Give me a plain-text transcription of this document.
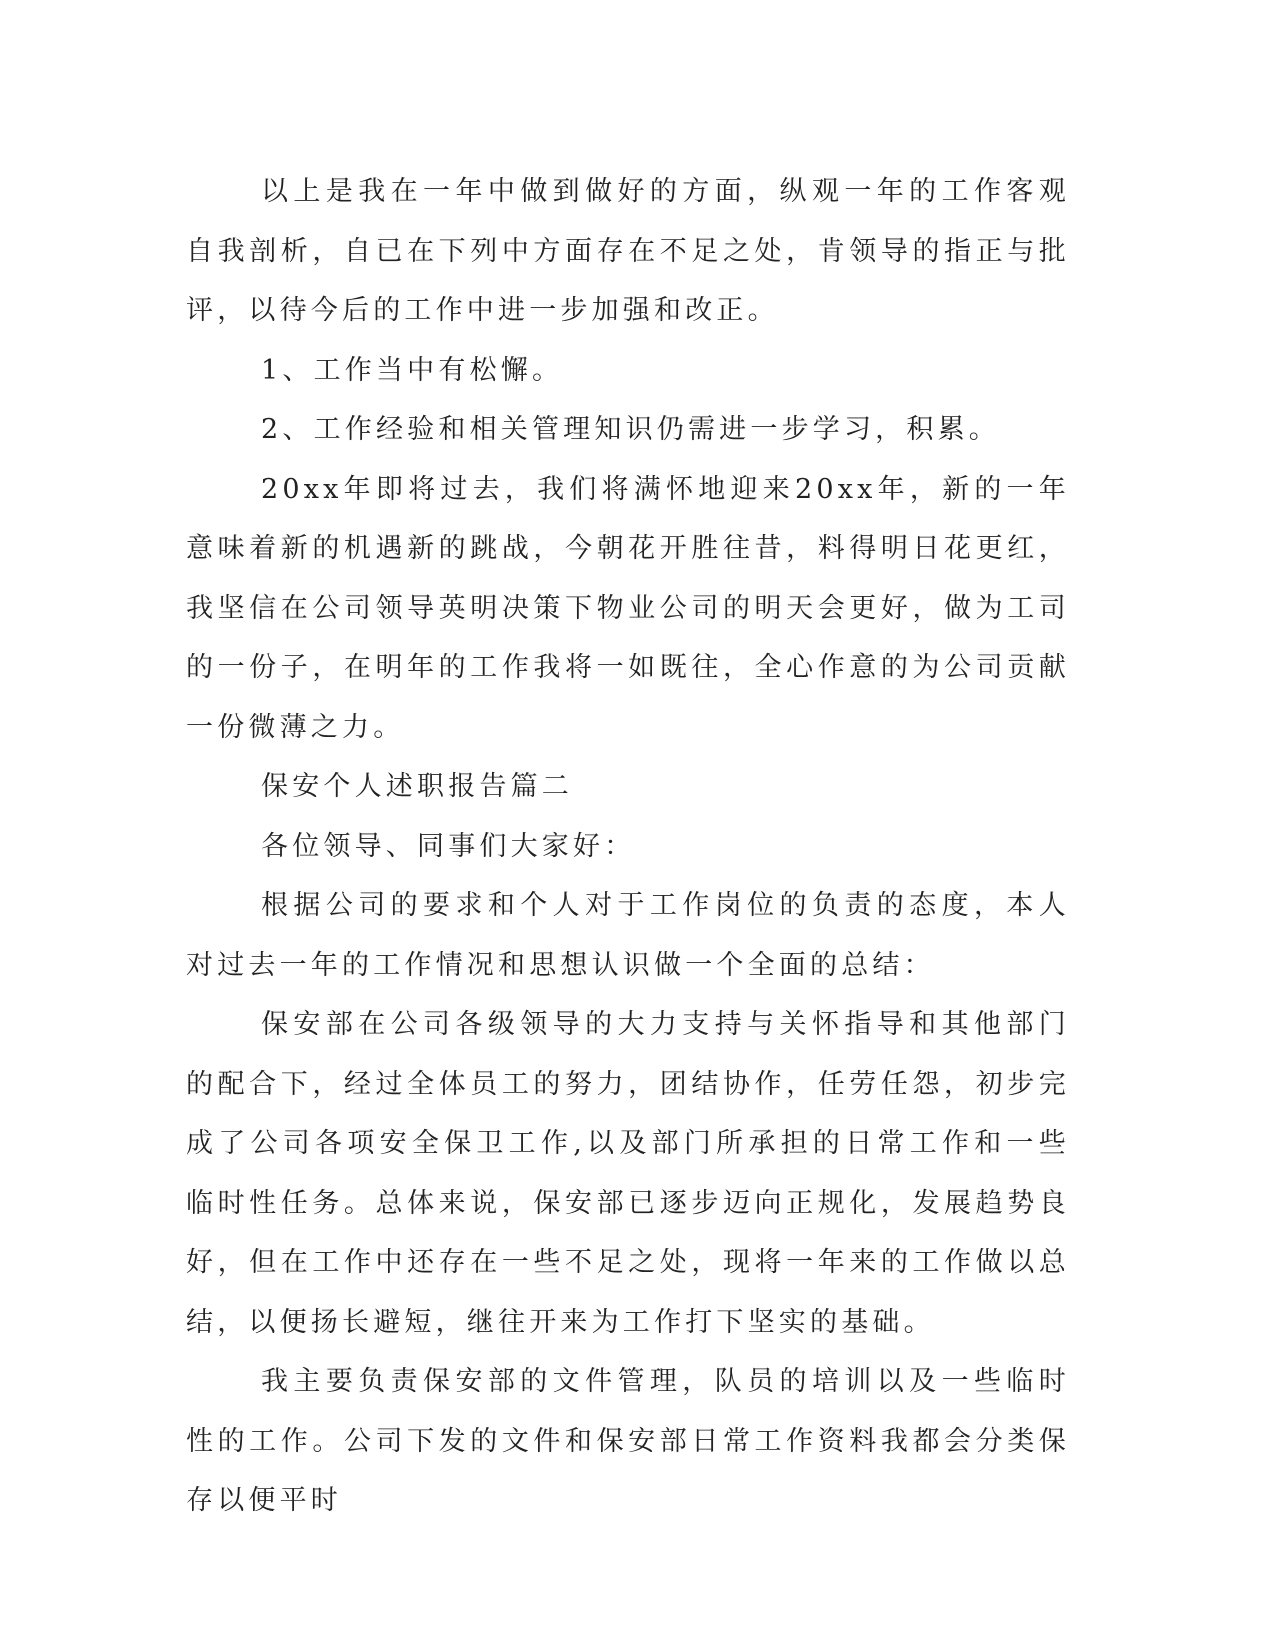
以上是我在一年中做到做好的方面，纵观一年的工作客观自我剖析，自已在下列中方面存在不足之处，肯领导的指正与批评，以待今后的工作中进一步加强和改正。

1、工作当中有松懈。

2、工作经验和相关管理知识仍需进一步学习，积累。

20xx年即将过去，我们将满怀地迎来20xx年，新的一年意味着新的机遇新的跳战，今朝花开胜往昔，料得明日花更红，我坚信在公司领导英明决策下物业公司的明天会更好，做为工司的一份子，在明年的工作我将一如既往，全心作意的为公司贡献一份微薄之力。

保安个人述职报告篇二

各位领导、同事们大家好：

根据公司的要求和个人对于工作岗位的负责的态度，本人对过去一年的工作情况和思想认识做一个全面的总结：

保安部在公司各级领导的大力支持与关怀指导和其他部门的配合下，经过全体员工的努力，团结协作，任劳任怨，初步完成了公司各项安全保卫工作,以及部门所承担的日常工作和一些临时性任务。总体来说，保安部已逐步迈向正规化，发展趋势良好，但在工作中还存在一些不足之处，现将一年来的工作做以总结，以便扬长避短，继往开来为工作打下坚实的基础。

我主要负责保安部的文件管理，队员的培训以及一些临时性的工作。公司下发的文件和保安部日常工作资料我都会分类保存以便平时
